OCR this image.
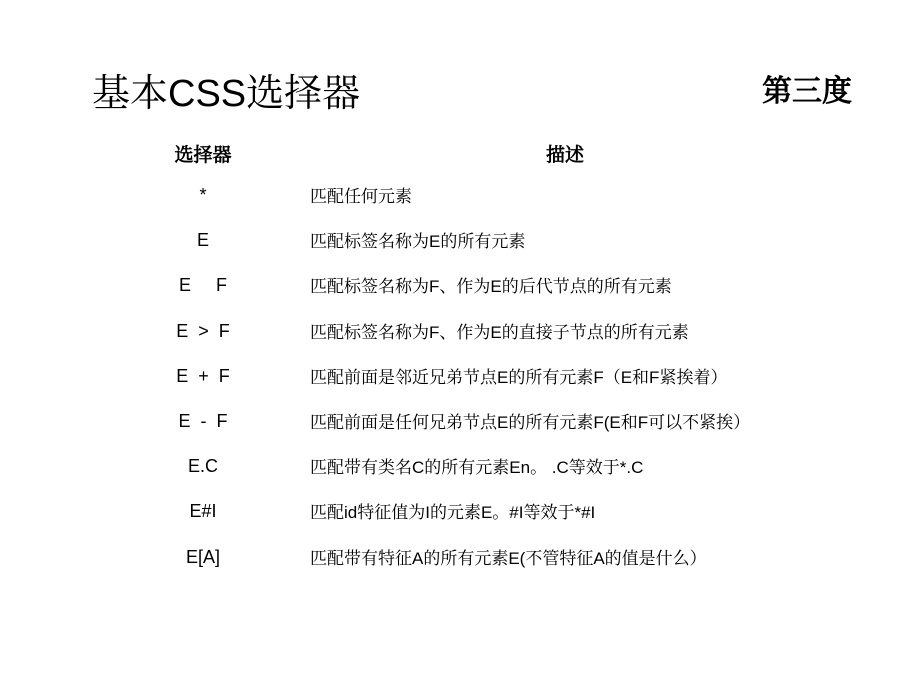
基本CSS选择器	第三度
选择器	描述
*	匹配任何元素
E	匹配标签名称为E的所有元素
E     F	匹配标签名称为F、作为E的后代节点的所有元素
E  >  F	匹配标签名称为F、作为E的直接子节点的所有元素
E  +  F	匹配前面是邻近兄弟节点E的所有元素F（E和F紧挨着）
E  -  F	匹配前面是任何兄弟节点E的所有元素F(E和F可以不紧挨）
E.C	匹配带有类名C的所有元素En。 .C等效于*.C
E#I	匹配id特征值为I的元素E。#I等效于*#I
E[A]	匹配带有特征A的所有元素E(不管特征A的值是什么）
